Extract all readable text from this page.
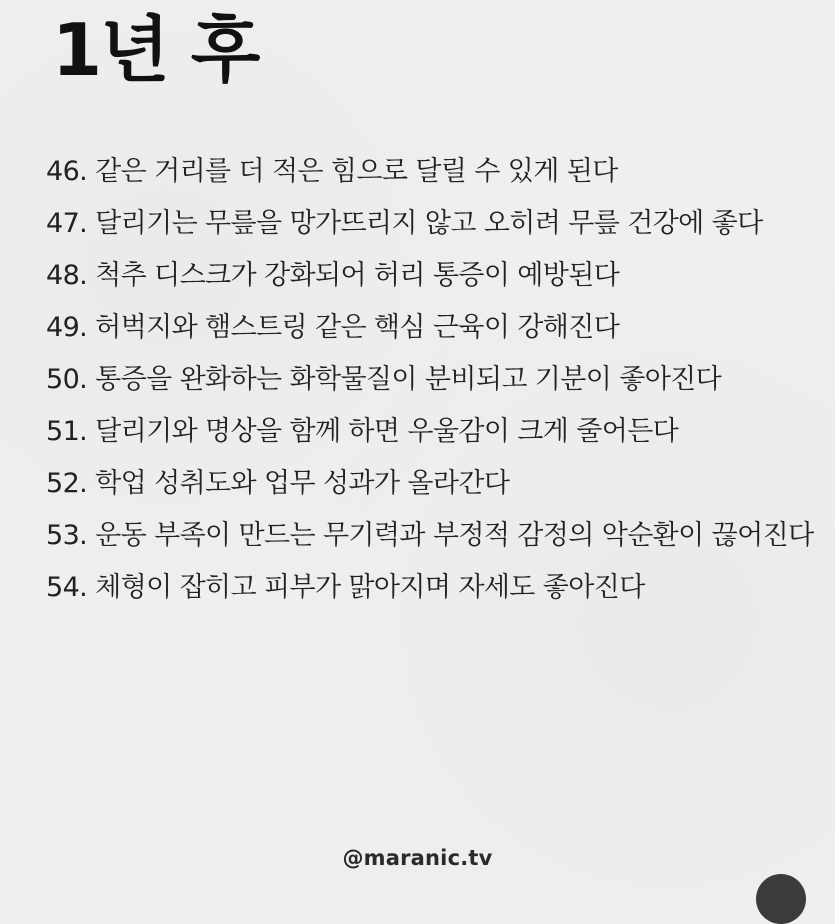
1년 후
46. 같은 거리를 더 적은 힘으로 달릴 수 있게 된다
47. 달리기는 무릎을 망가뜨리지 않고 오히려 무릎 건강에 좋다
48. 척추 디스크가 강화되어 허리 통증이 예방된다
49. 허벅지와 햄스트링 같은 핵심 근육이 강해진다
50. 통증을 완화하는 화학물질이 분비되고 기분이 좋아진다
51. 달리기와 명상을 함께 하면 우울감이 크게 줄어든다
52. 학업 성취도와 업무 성과가 올라간다
53. 운동 부족이 만드는 무기력과 부정적 감정의 악순환이 끊어진다
54. 체형이 잡히고 피부가 맑아지며 자세도 좋아진다
@maranic.tv
